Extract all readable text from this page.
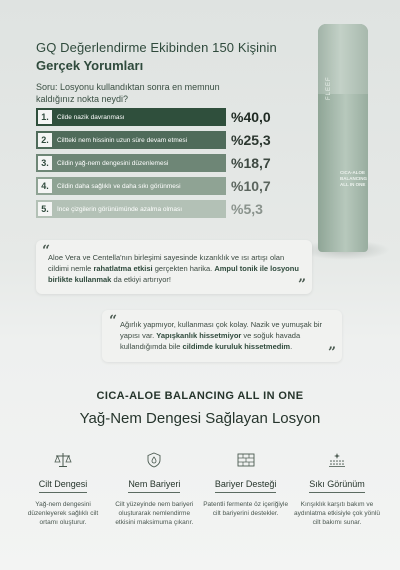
GQ Değerlendirme Ekibinden 150 Kişinin
Gerçek Yorumları
Soru: Losyonu kullandıktan sonra en memnun kaldığınız nokta neydi?
1.	Cilde nazik davranması	%40,0
2.	Ciltteki nem hissinin uzun süre devam etmesi	%25,3
3.	Cildin yağ-nem dengesini düzenlemesi	%18,7
4.	Cildin daha sağlıklı ve daha sıkı görünmesi	%10,7
5.	İnce çizgilerin görünümünde azalma olması	%5,3
FLEEF
CICA-ALOE BALANCING ALL IN ONE
“
Aloe Vera ve Centella'nın birleşimi sayesinde kızarıklık ve ısı artışı olan cildimi nemle rahatlatma etkisi gerçekten harika. Ampul tonik ile losyonu birlikte kullanmak da etkiyi artırıyor!	”
“ Ağırlık yapmıyor, kullanması çok kolay. Nazik ve yumuşak bir yapısı var. Yapışkanlık hissetmiyor ve soğuk havada kullandığımda bile cildimde kuruluk hissetmedim.	”
CICA-ALOE BALANCING ALL IN ONE
Yağ-Nem Dengesi Sağlayan Losyon
Cilt Dengesi
Yağ-nem dengesini düzenleyerek sağlıklı cilt ortamı oluşturur.
Nem Bariyeri
Cilt yüzeyinde nem bariyeri oluşturarak nemlendirme etkisini maksimuma çıkarır.
Bariyer Desteği
Patentli fermente öz içeriğiyle cilt bariyerini destekler.
Sıkı Görünüm
Kırışıklık karşıtı bakım ve aydınlatma etkisiyle çok yönlü cilt bakımı sunar.
